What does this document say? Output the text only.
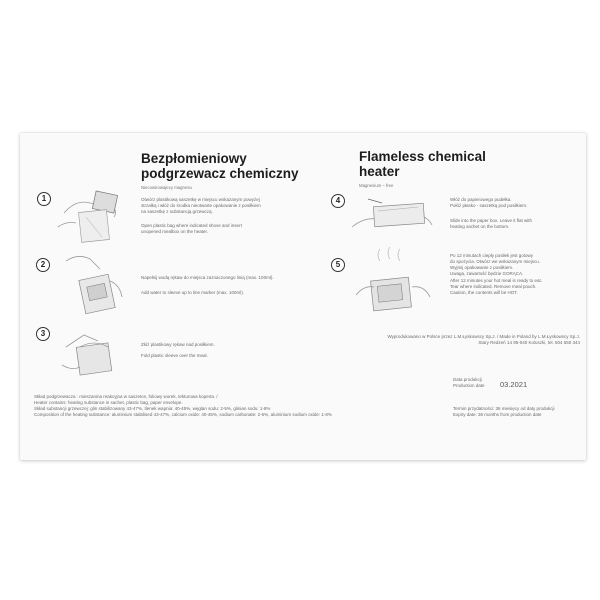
Bezpłomieniowy
podgrzewacz chemiczny
Niecowirowajecy magnesu
Flameless chemical
heater
Magnesium – free
1	Otwórz plastikową saszetkę w miejscu wskazanym powyżej
strzałką i włóż do środka nieotwarte opakowanie z posiłkiem
na saszetkę z substancją grzewczą.
Open plastic bag where indicated shove and insert
unopened mealbox on the heater.
2
Napełnij wodą rękaw do miejsca zaznaczonego linią (max. 100ml).
Add water to sleeve up to line marker (max. 100ml).
3
Złóż plastikowy rękaw nad posiłkiem.
Fold plastic sleeve over the meal.
4	Włóż do papierowego pudełka.
Połóż płasko - saszetką pod posiłkiem.
Slide into the paper box. Leave it flat with
heating sachet on the bottom.
5
Po 12 minutach ciepły posiłek jest gotowy
do spożycia. Otwórz we wskazanym miejscu.
Wyjmij opakowanie z posiłkiem.
Uwaga, zawartość będzie GORĄCA.
After 12 minutes your hot meal is ready to eat.
Tear where indicated. Remove meal pouch.
Caution, the contents will be HOT.
Wyprodukowano w Polsce przez L.M.Łyskowscy Sp.J. / Made in Poland by L.M.Łyskowscy Sp.J.
Stary Redzeń 14 95-040 Koluszki, tel. 504 550 344
Skład podgrzewacza : mieszanina reakcyjna w saszetce, foliowy worek, tekturowa koperta. /
Heater contains: heating substance in sachet, plastic bag, paper envelope.
Skład substancji grzewczej: glin stabilizowany 43-47%, tlenek wapnia: 40-45%, węglan sodu: 2-5%, glinian sodu: 1-8%
Composition of the heating substance: aluminium stabilised 43-47%, calcium oxide: 40-45%, sodium carbonate: 2-5%, aluminium sodium oxide: 1-8%
Data produkcji
Production date 03.2021
Termin przydatności: 36 miesięcy od daty produkcji
Expiry date: 36 months from production date
